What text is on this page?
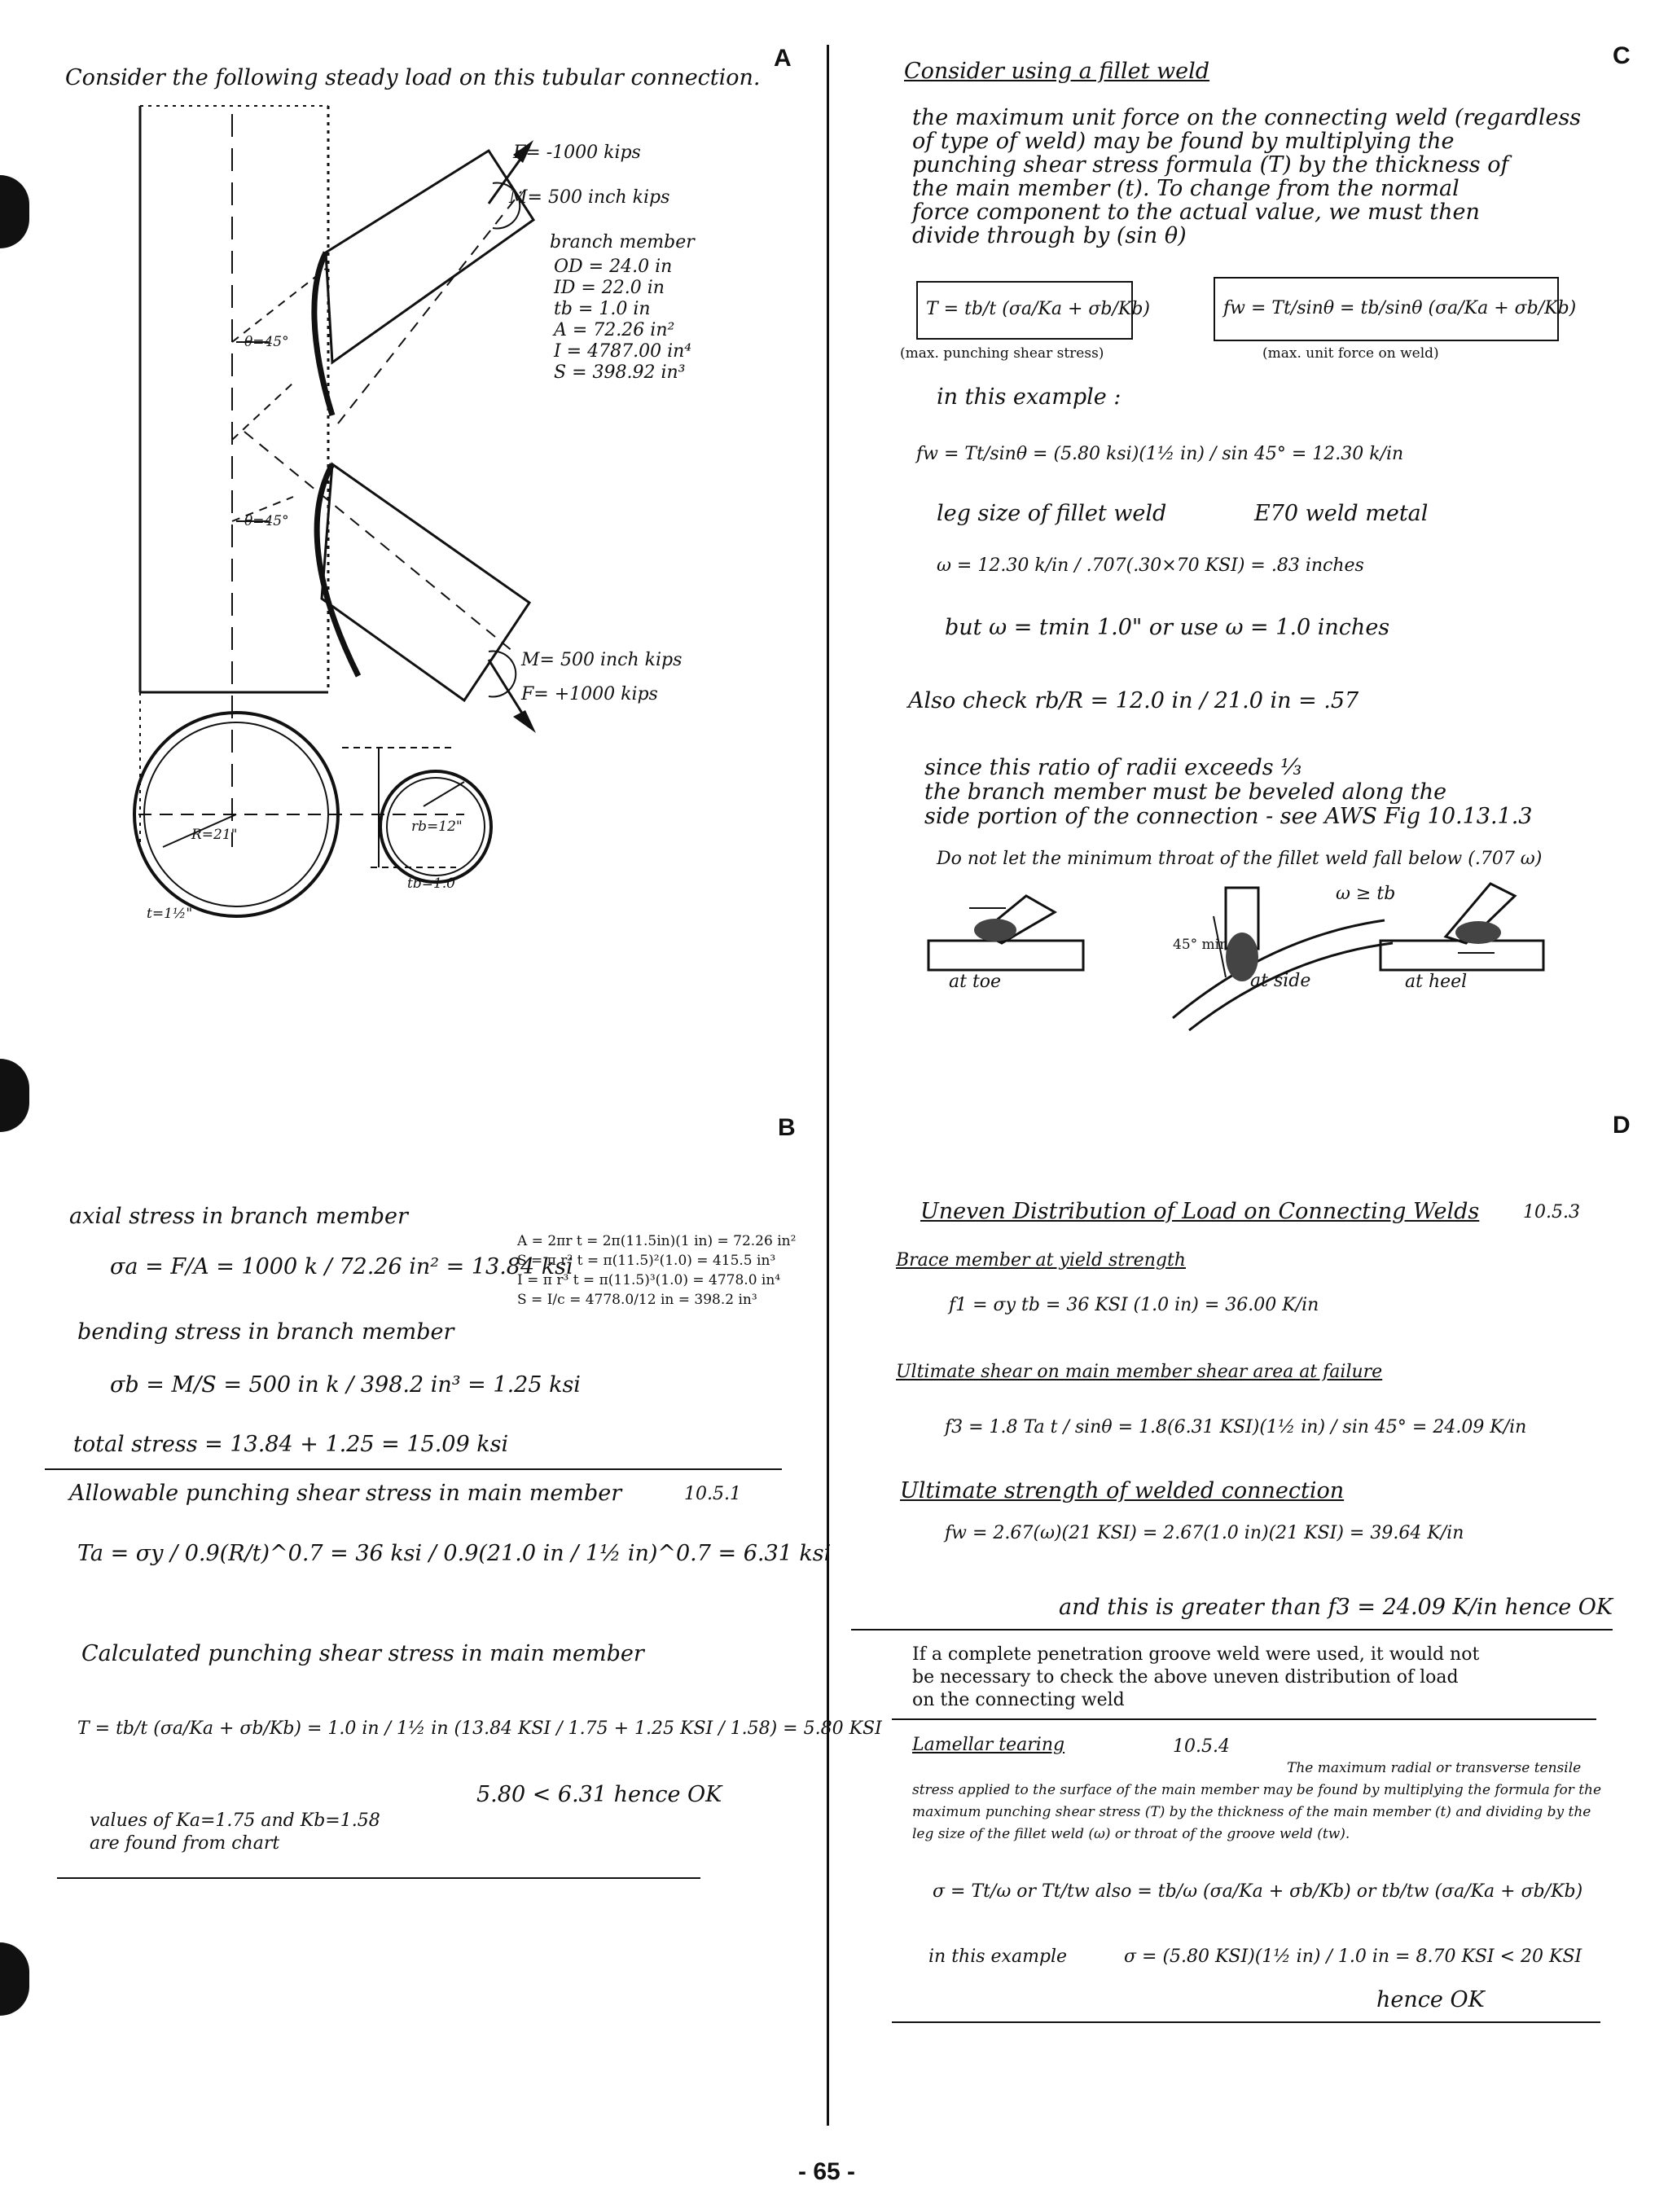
A
Consider the following steady load on this tubular connection.
F= -1000 kips
M= 500 inch kips
branch member
OD = 24.0 in
ID = 22.0 in
tb = 1.0 in
A = 72.26 in²
I = 4787.00 in⁴
S = 398.92 in³
θ=45°
θ=45°
M= 500 inch kips
F= +1000 kips
R=21"	rb=12"
t=1½"
tb=1.0
B
axial stress in branch member
σa = F/A = 1000 k / 72.26 in² = 13.84 ksi
A = 2πr t = 2π(11.5in)(1 in) = 72.26 in²
S = π r² t = π(11.5)²(1.0) = 415.5 in³
I = π r³ t = π(11.5)³(1.0) = 4778.0 in⁴
S = I/c = 4778.0/12 in = 398.2 in³
bending stress in branch member
σb = M/S = 500 in k / 398.2 in³ = 1.25 ksi
total stress = 13.84 + 1.25 = 15.09 ksi
Allowable punching shear stress in main member	10.5.1
Ta = σy / 0.9(R/t)^0.7 = 36 ksi / 0.9(21.0 in / 1½ in)^0.7 = 6.31 ksi
Calculated punching shear stress in main member
T = tb/t (σa/Ka + σb/Kb) = 1.0 in / 1½ in (13.84 KSI / 1.75 + 1.25 KSI / 1.58) = 5.80 KSI
5.80 < 6.31 hence OK
values of Ka=1.75 and Kb=1.58
are found from chart
C
Consider using a fillet weld
the maximum unit force on the connecting weld (regardless
of type of weld) may be found by multiplying the
punching shear stress formula (T) by the thickness of
the main member (t). To change from the normal
force component to the actual value, we must then
divide through by (sin θ)
T = tb/t (σa/Ka + σb/Kb)
(max. punching shear stress)
fw = Tt/sinθ = tb/sinθ (σa/Ka + σb/Kb)
(max. unit force on weld)
in this example :
fw = Tt/sinθ = (5.80 ksi)(1½ in) / sin 45° = 12.30 k/in
leg size of fillet weld	E70 weld metal
ω = 12.30 k/in / .707(.30×70 KSI) = .83 inches
but ω = tmin 1.0" or use ω = 1.0 inches
Also check rb/R = 12.0 in / 21.0 in = .57
since this ratio of radii exceeds ⅓
the branch member must be beveled along the
side portion of the connection - see AWS Fig 10.13.1.3
Do not let the minimum throat of the fillet weld fall below (.707 ω)
at toe	at side	at heel
45° min
ω ≥ tb
D
Uneven Distribution of Load on Connecting Welds 10.5.3
Brace member at yield strength
f1 = σy tb = 36 KSI (1.0 in) = 36.00 K/in
Ultimate shear on main member shear area at failure
f3 = 1.8 Ta t / sinθ = 1.8(6.31 KSI)(1½ in) / sin 45° = 24.09 K/in
Ultimate strength of welded connection
fw = 2.67(ω)(21 KSI) = 2.67(1.0 in)(21 KSI) = 39.64 K/in
and this is greater than f3 = 24.09 K/in hence OK
If a complete penetration groove weld were used, it would not
be necessary to check the above uneven distribution of load
on the connecting weld
Lamellar tearing	10.5.4

The maximum radial or transverse tensile stress applied to the surface of the main member may be found by multiplying the formula for the maximum punching shear stress (T) by the thickness of the main member (t) and dividing by the leg size of the fillet weld (ω) or throat of the groove weld (tw).

σ = Tt/ω or Tt/tw also = tb/ω (σa/Ka + σb/Kb) or tb/tw (σa/Ka + σb/Kb)
in this example	σ = (5.80 KSI)(1½ in) / 1.0 in = 8.70 KSI < 20 KSI
hence OK
- 65 -
